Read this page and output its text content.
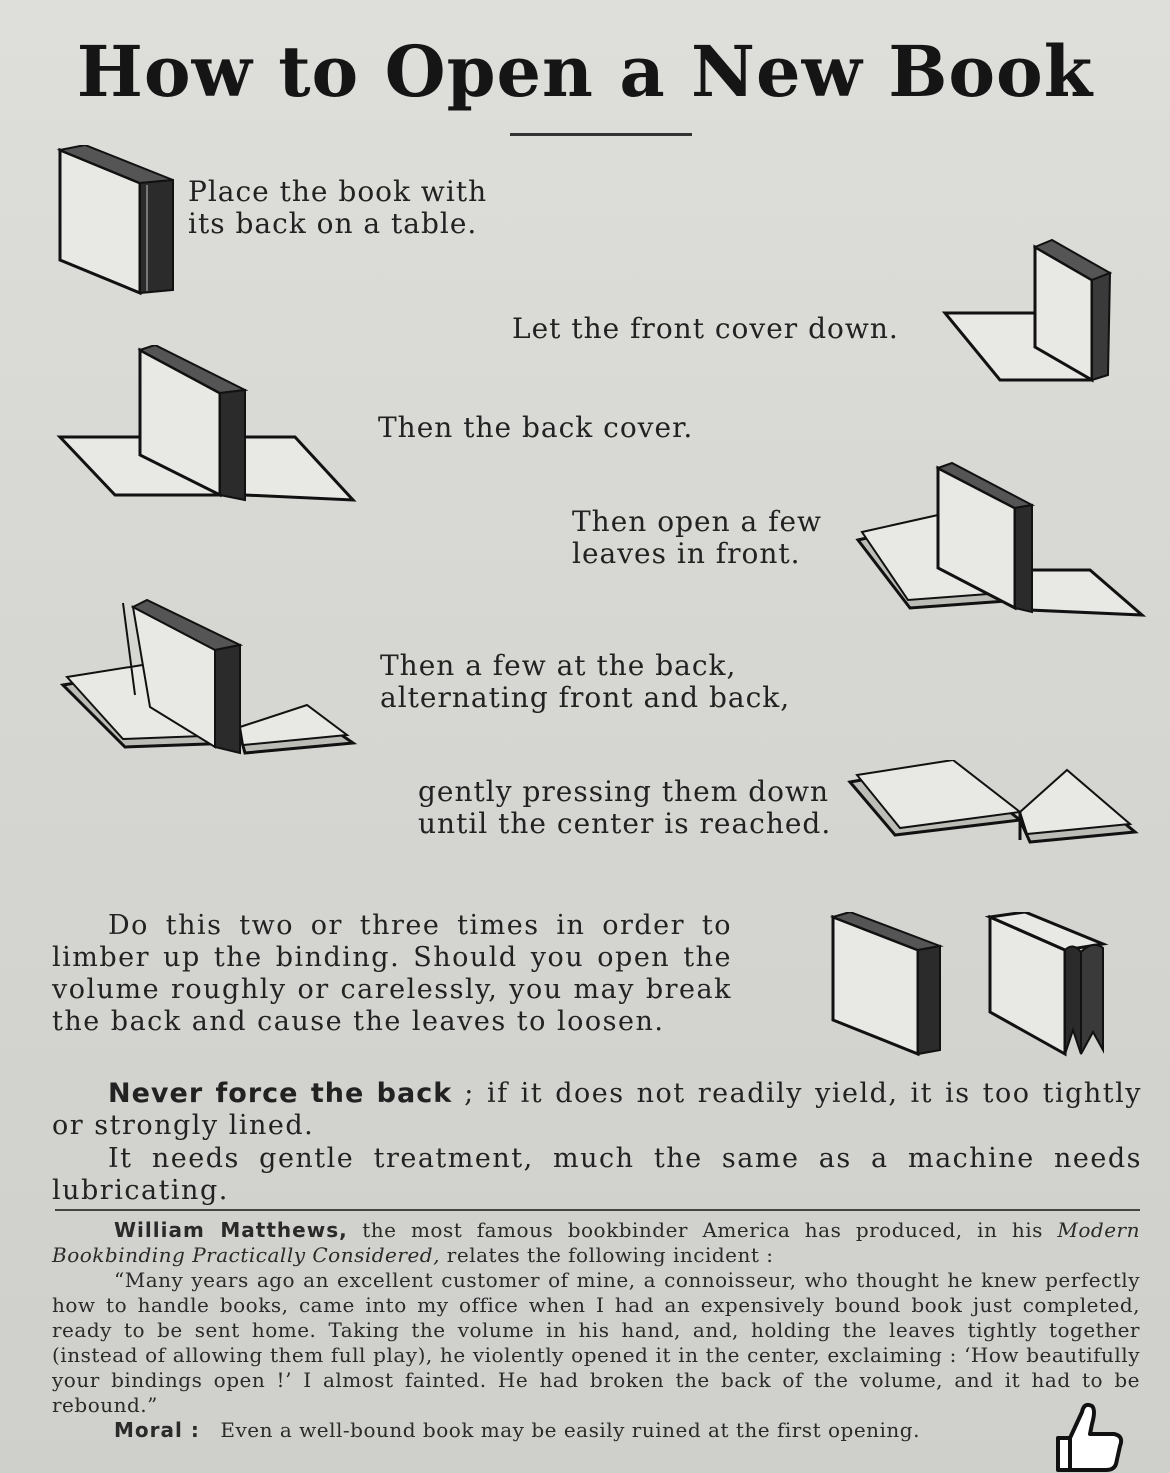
How to Open a New Book
Place the book with
its back on a table.
Let the front cover down.
Then the back cover.
Then open a few
leaves in front.
Then a few at the back,
alternating front and back,
gently pressing them down
until the center is reached.

Do this two or three times in order to limber up the binding. Should you open the volume roughly or carelessly, you may break the back and cause the leaves to loosen.

Never force the back ; if it does not readily yield, it is too tightly or strongly lined.

It needs gentle treatment, much the same as a machine needs lubricating.

William Matthews, the most famous bookbinder America has produced, in his Modern Bookbinding Practically Considered, relates the following incident :

“Many years ago an excellent customer of mine, a connoisseur, who thought he knew perfectly how to handle books, came into my office when I had an expensively bound book just completed, ready to be sent home. Taking the volume in his hand, and, holding the leaves tightly together (instead of allowing them full play), he violently opened it in the center, exclaiming : ‘How beautifully your bindings open !’ I almost fainted. He had broken the back of the volume, and it had to be rebound.”

Moral : Even a well-bound book may be easily ruined at the first opening.
